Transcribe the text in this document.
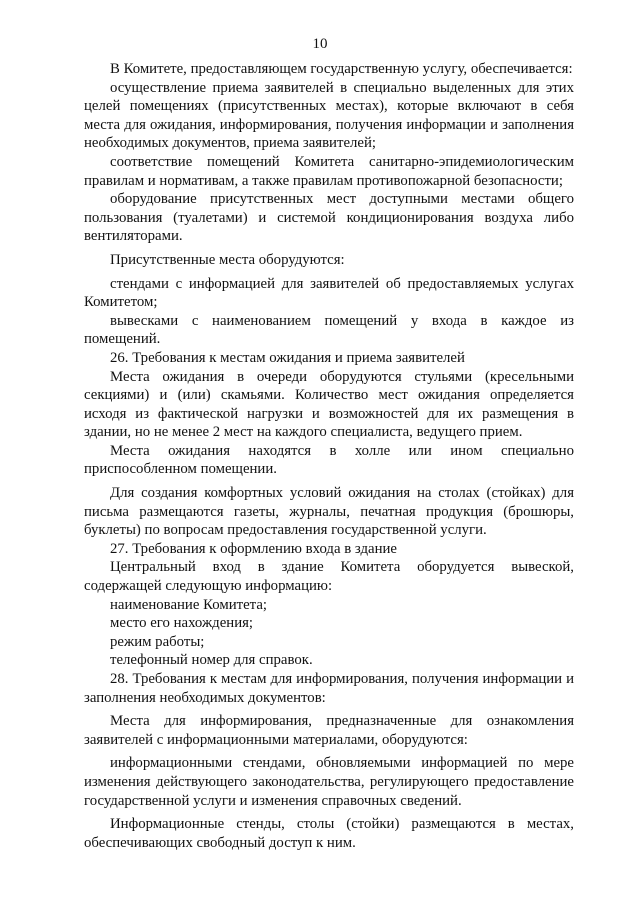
10

В Комитете, предоставляющем государственную услугу, обеспечивается:

осуществление приема заявителей в специально выделенных для этих целей помещениях (присутственных местах), которые включают в себя места для ожидания, информирования, получения информации и заполнения необходимых документов, приема заявителей;

соответствие помещений Комитета санитарно-эпидемиологическим правилам и нормативам, а также правилам противопожарной безопасности;

оборудование присутственных мест доступными местами общего пользования (туалетами) и системой кондиционирования воздуха либо вентиляторами.

Присутственные места оборудуются:

стендами с информацией для заявителей об предоставляемых услугах Комитетом;

вывесками с наименованием помещений у входа в каждое из помещений.

26. Требования к местам ожидания и приема заявителей

Места ожидания в очереди оборудуются стульями (кресельными секциями) и (или) скамьями. Количество мест ожидания определяется исходя из фактической нагрузки и возможностей для их размещения в здании, но не менее 2 мест на каждого специалиста, ведущего прием.

Места ожидания находятся в холле или ином специально приспособленном помещении.

Для создания комфортных условий ожидания на столах (стойках) для письма размещаются газеты, журналы, печатная продукция (брошюры, буклеты) по вопросам предоставления государственной услуги.

27. Требования к оформлению входа в здание

Центральный вход в здание Комитета оборудуется вывеской, содержащей следующую информацию:

наименование Комитета;

место его нахождения;

режим работы;

телефонный номер для справок.

28. Требования к местам для информирования, получения информации и заполнения необходимых документов:

Места для информирования, предназначенные для ознакомления заявителей с информационными материалами, оборудуются:

информационными стендами, обновляемыми информацией по мере изменения действующего законодательства, регулирующего предоставление государственной услуги и изменения справочных сведений.

Информационные стенды, столы (стойки) размещаются в местах, обеспечивающих свободный доступ к ним.
